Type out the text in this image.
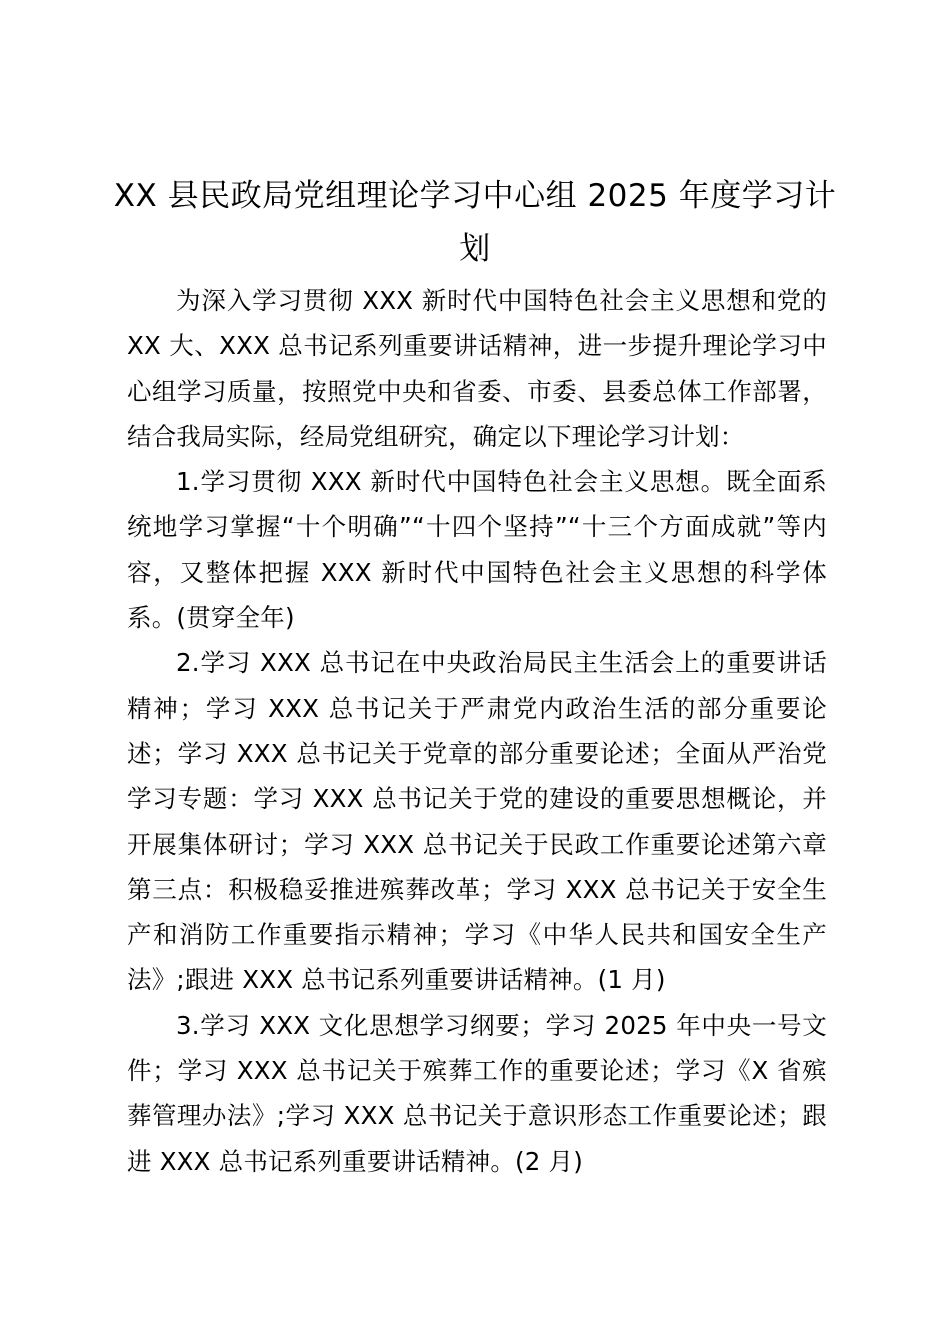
XX 县民政局党组理论学习中心组 2025 年度学习计划

为深入学习贯彻 XXX 新时代中国特色社会主义思想和党的XX 大、XXX 总书记系列重要讲话精神，进一步提升理论学习中心组学习质量，按照党中央和省委、市委、县委总体工作部署，结合我局实际，经局党组研究，确定以下理论学习计划：

1.学习贯彻 XXX 新时代中国特色社会主义思想。既全面系统地学习掌握“十个明确”“十四个坚持”“十三个方面成就”等内容，又整体把握 XXX 新时代中国特色社会主义思想的科学体系。(贯穿全年)

2.学习 XXX 总书记在中央政治局民主生活会上的重要讲话精神；学习 XXX 总书记关于严肃党内政治生活的部分重要论述；学习 XXX 总书记关于党章的部分重要论述；全面从严治党学习专题：学习 XXX 总书记关于党的建设的重要思想概论，并开展集体研讨；学习 XXX 总书记关于民政工作重要论述第六章第三点：积极稳妥推进殡葬改革；学习 XXX 总书记关于安全生产和消防工作重要指示精神；学习《中华人民共和国安全生产法》;跟进 XXX 总书记系列重要讲话精神。(1 月)

3.学习 XXX 文化思想学习纲要；学习 2025 年中央一号文件；学习 XXX 总书记关于殡葬工作的重要论述；学习《X 省殡葬管理办法》;学习 XXX 总书记关于意识形态工作重要论述；跟进 XXX 总书记系列重要讲话精神。(2 月)
